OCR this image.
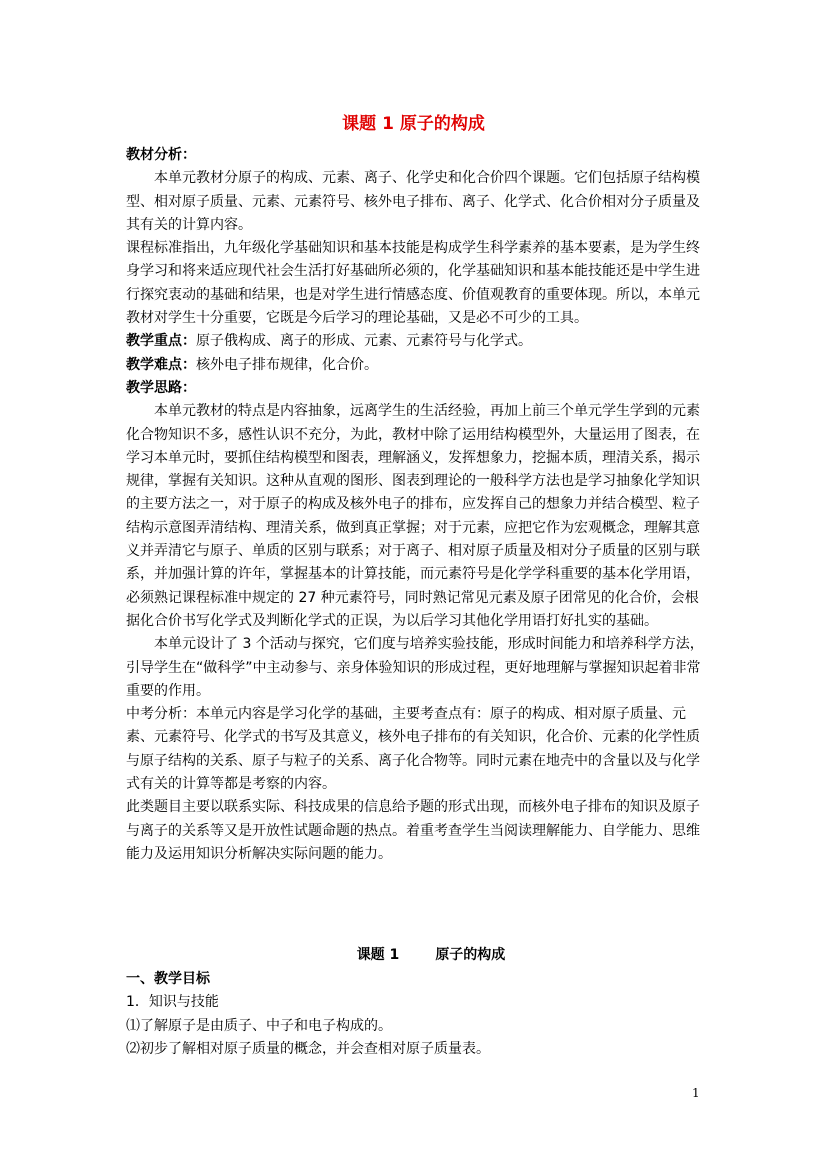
课题 1 原子的构成

教材分析：

本单元教材分原子的构成、元素、离子、化学史和化合价四个课题。它们包括原子结构模型、相对原子质量、元素、元素符号、核外电子排布、离子、化学式、化合价相对分子质量及其有关的计算内容。

课程标准指出，九年级化学基础知识和基本技能是构成学生科学素养的基本要素，是为学生终身学习和将来适应现代社会生活打好基础所必须的，化学基础知识和基本能技能还是中学生进行探究衷动的基础和结果，也是对学生进行情感态度、价值观教育的重要体现。所以，本单元教材对学生十分重要，它既是今后学习的理论基础，又是必不可少的工具。

教学重点：原子俄构成、离子的形成、元素、元素符号与化学式。

教学难点：核外电子排布规律，化合价。

教学思路：

本单元教材的特点是内容抽象，远离学生的生活经验，再加上前三个单元学生学到的元素化合物知识不多，感性认识不充分，为此，教材中除了运用结构模型外，大量运用了图表，在学习本单元时，要抓住结构模型和图表，理解涵义，发挥想象力，挖掘本质，理清关系，揭示规律，掌握有关知识。这种从直观的图形、图表到理论的一般科学方法也是学习抽象化学知识的主要方法之一，对于原子的构成及核外电子的排布，应发挥自己的想象力并结合模型、粒子结构示意图弄清结构、理清关系，做到真正掌握；对于元素，应把它作为宏观概念，理解其意义并弄清它与原子、单质的区别与联系；对于离子、相对原子质量及相对分子质量的区别与联系，并加强计算的许年，掌握基本的计算技能，而元素符号是化学学科重要的基本化学用语，必须熟记课程标准中规定的 27 种元素符号，同时熟记常见元素及原子团常见的化合价，会根据化合价书写化学式及判断化学式的正误，为以后学习其他化学用语打好扎实的基础。

本单元设计了 3 个活动与探究，它们度与培养实验技能，形成时间能力和培养科学方法，引导学生在“做科学”中主动参与、亲身体验知识的形成过程，更好地理解与掌握知识起着非常重要的作用。

中考分析：本单元内容是学习化学的基础，主要考查点有：原子的构成、相对原子质量、元素、元素符号、化学式的书写及其意义，核外电子排布的有关知识，化合价、元素的化学性质与原子结构的关系、原子与粒子的关系、离子化合物等。同时元素在地壳中的含量以及与化学式有关的计算等都是考察的内容。

此类题目主要以联系实际、科技成果的信息给予题的形式出现，而核外电子排布的知识及原子与离子的关系等又是开放性试题命题的热点。着重考查学生当阅读理解能力、自学能力、思维能力及运用知识分析解决实际问题的能力。

课题 1	原子的构成

一、教学目标

1．知识与技能

⑴了解原子是由质子、中子和电子构成的。

⑵初步了解相对原子质量的概念，并会查相对原子质量表。

1
